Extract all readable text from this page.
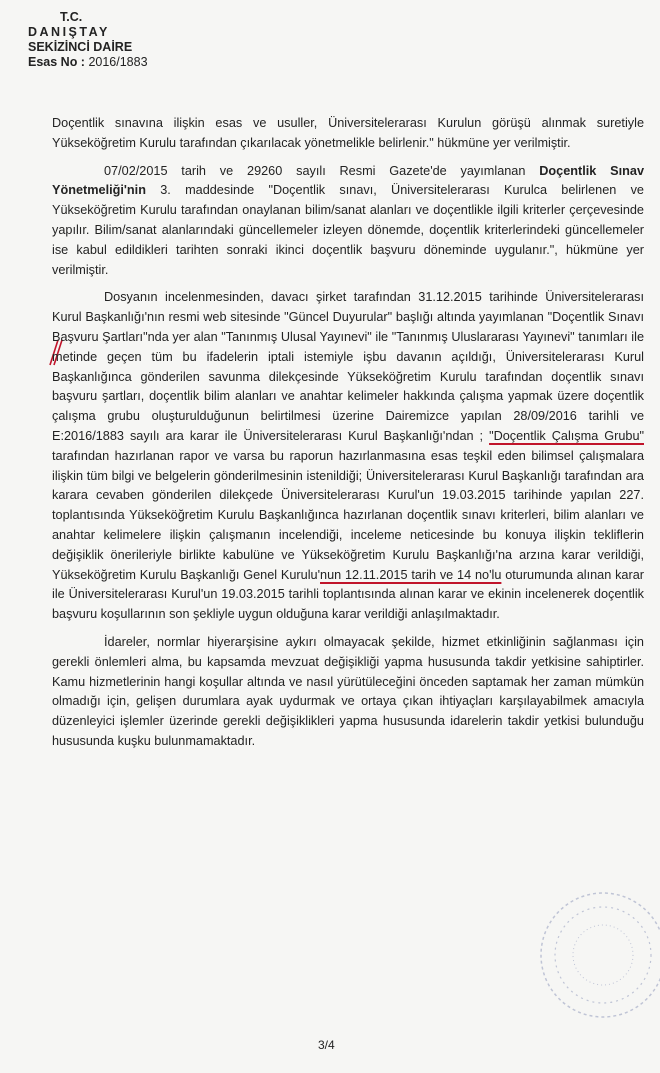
T.C.
DANIŞTAY
SEKİZİNCİ DAİRE
Esas No : 2016/1883

Doçentlik sınavına ilişkin esas ve usuller, Üniversitelerarası Kurulun görüşü alınmak suretiyle Yükseköğretim Kurulu tarafından çıkarılacak yönetmelikle belirlenir." hükmüne yer verilmiştir.

07/02/2015 tarih ve 29260 sayılı Resmi Gazete'de yayımlanan Doçentlik Sınav Yönetmeliği'nin 3. maddesinde "Doçentlik sınavı, Üniversitelerarası Kurulca belirlenen ve Yükseköğretim Kurulu tarafından onaylanan bilim/sanat alanları ve doçentlikle ilgili kriterler çerçevesinde yapılır. Bilim/sanat alanlarındaki güncellemeler izleyen dönemde, doçentlik kriterlerindeki güncellemeler ise kabul edildikleri tarihten sonraki ikinci doçentlik başvuru döneminde uygulanır.", hükmüne yer verilmiştir.

Dosyanın incelenmesinden, davacı şirket tarafından 31.12.2015 tarihinde Üniversitelerarası Kurul Başkanlığı'nın resmi web sitesinde "Güncel Duyurular" başlığı altında yayımlanan "Doçentlik Sınavı Başvuru Şartları"nda yer alan "Tanınmış Ulusal Yayınevi" ile "Tanınmış Uluslararası Yayınevi" tanımları ile metinde geçen tüm bu ifadelerin iptali istemiyle işbu davanın açıldığı, Üniversitelerarası Kurul Başkanlığınca gönderilen savunma dilekçesinde Yükseköğretim Kurulu tarafından doçentlik sınavı başvuru şartları, doçentlik bilim alanları ve anahtar kelimeler hakkında çalışma yapmak üzere doçentlik çalışma grubu oluşturulduğunun belirtilmesi üzerine Dairemizce yapılan 28/09/2016 tarihli ve E:2016/1883 sayılı ara karar ile Üniversitelerarası Kurul Başkanlığı'ndan ; "Doçentlik Çalışma Grubu" tarafından hazırlanan rapor ve varsa bu raporun hazırlanmasına esas teşkil eden bilimsel çalışmalara ilişkin tüm bilgi ve belgelerin gönderilmesinin istenildiği; Üniversitelerarası Kurul Başkanlığı tarafından ara karara cevaben gönderilen dilekçede Üniversitelerarası Kurul'un 19.03.2015 tarihinde yapılan 227. toplantısında Yükseköğretim Kurulu Başkanlığınca hazırlanan doçentlik sınavı kriterleri, bilim alanları ve anahtar kelimelere ilişkin çalışmanın incelendiği, inceleme neticesinde bu konuya ilişkin tekliflerin değişiklik önerileriyle birlikte kabulüne ve Yükseköğretim Kurulu Başkanlığı'na arzına karar verildiği, Yükseköğretim Kurulu Başkanlığı Genel Kurulu'nun 12.11.2015 tarih ve 14 no'lu oturumunda alınan karar ile Üniversitelerarası Kurul'un 19.03.2015 tarihli toplantısında alınan karar ve ekinin incelenerek doçentlik başvuru koşullarının son şekliyle uygun olduğuna karar verildiği anlaşılmaktadır.

İdareler, normlar hiyerarşisine aykırı olmayacak şekilde, hizmet etkinliğinin sağlanması için gerekli önlemleri alma, bu kapsamda mevzuat değişikliği yapma hususunda takdir yetkisine sahiptirler. Kamu hizmetlerinin hangi koşullar altında ve nasıl yürütüleceğini önceden saptamak her zaman mümkün olmadığı için, gelişen durumlara ayak uydurmak ve ortaya çıkan ihtiyaçları karşılayabilmek amacıyla düzenleyici işlemler üzerinde gerekli değişiklikleri yapma hususunda idarelerin takdir yetkisi bulunduğu hususunda kuşku bulunmamaktadır.

3/4
